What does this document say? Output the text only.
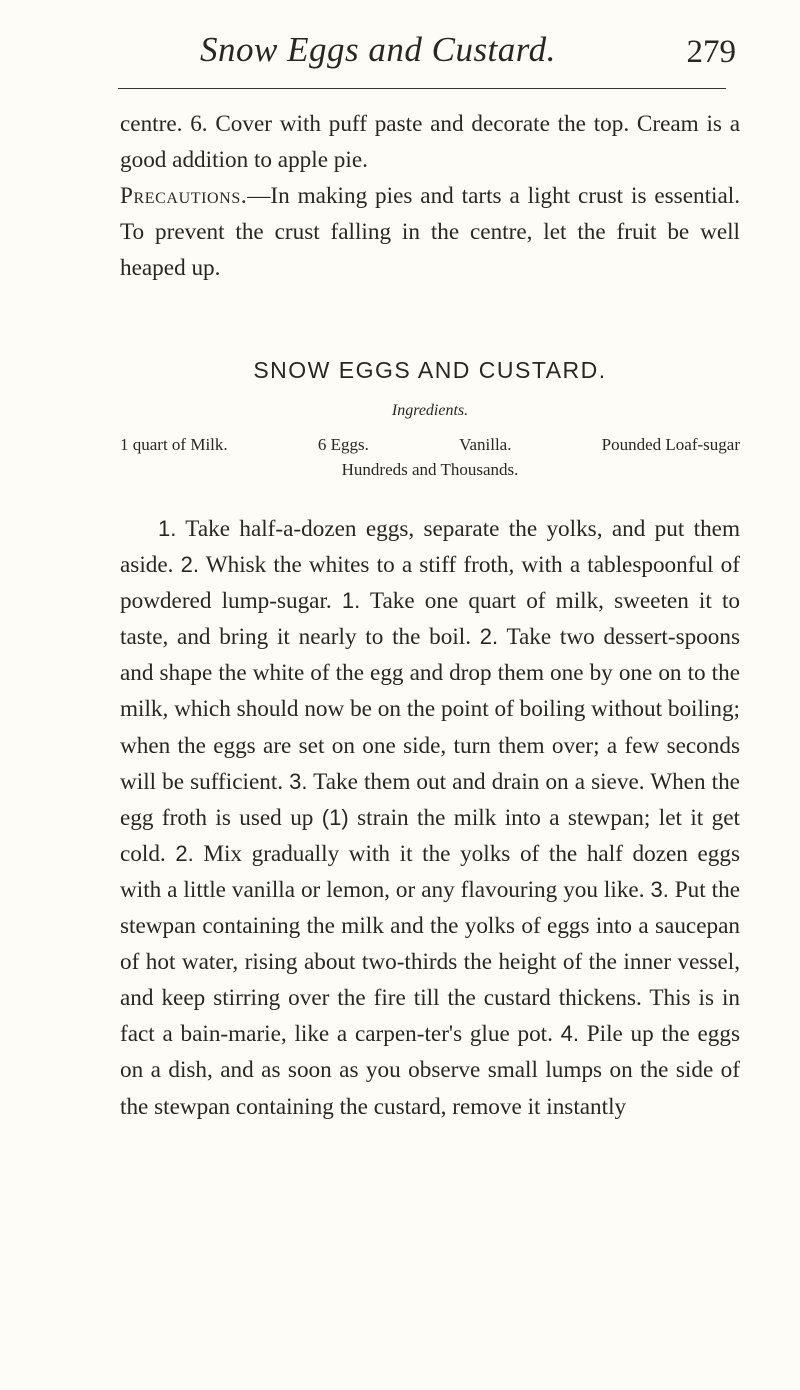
Snow Eggs and Custard.	279

centre. 6. Cover with puff paste and decorate the top. Cream is a good addition to apple pie.
Precautions.—In making pies and tarts a light crust is essential. To prevent the crust falling in the centre, let the fruit be well heaped up.

SNOW EGGS AND CUSTARD.
Ingredients.
1 quart of Milk.	6 Eggs.	Vanilla.	Pounded Loaf-sugar
Hundreds and Thousands.

1. Take half-a-dozen eggs, separate the yolks, and put them aside. 2. Whisk the whites to a stiff froth, with a tablespoonful of powdered lump-sugar. 1. Take one quart of milk, sweeten it to taste, and bring it nearly to the boil. 2. Take two dessert-spoons and shape the white of the egg and drop them one by one on to the milk, which should now be on the point of boiling without boiling; when the eggs are set on one side, turn them over; a few seconds will be sufficient. 3. Take them out and drain on a sieve. When the egg froth is used up (1) strain the milk into a stewpan; let it get cold. 2. Mix gradually with it the yolks of the half dozen eggs with a little vanilla or lemon, or any flavouring you like. 3. Put the stewpan containing the milk and the yolks of eggs into a saucepan of hot water, rising about two-thirds the height of the inner vessel, and keep stirring over the fire till the custard thickens. This is in fact a bain-marie, like a carpen-ter's glue pot. 4. Pile up the eggs on a dish, and as soon as you observe small lumps on the side of the stewpan containing the custard, remove it instantly
